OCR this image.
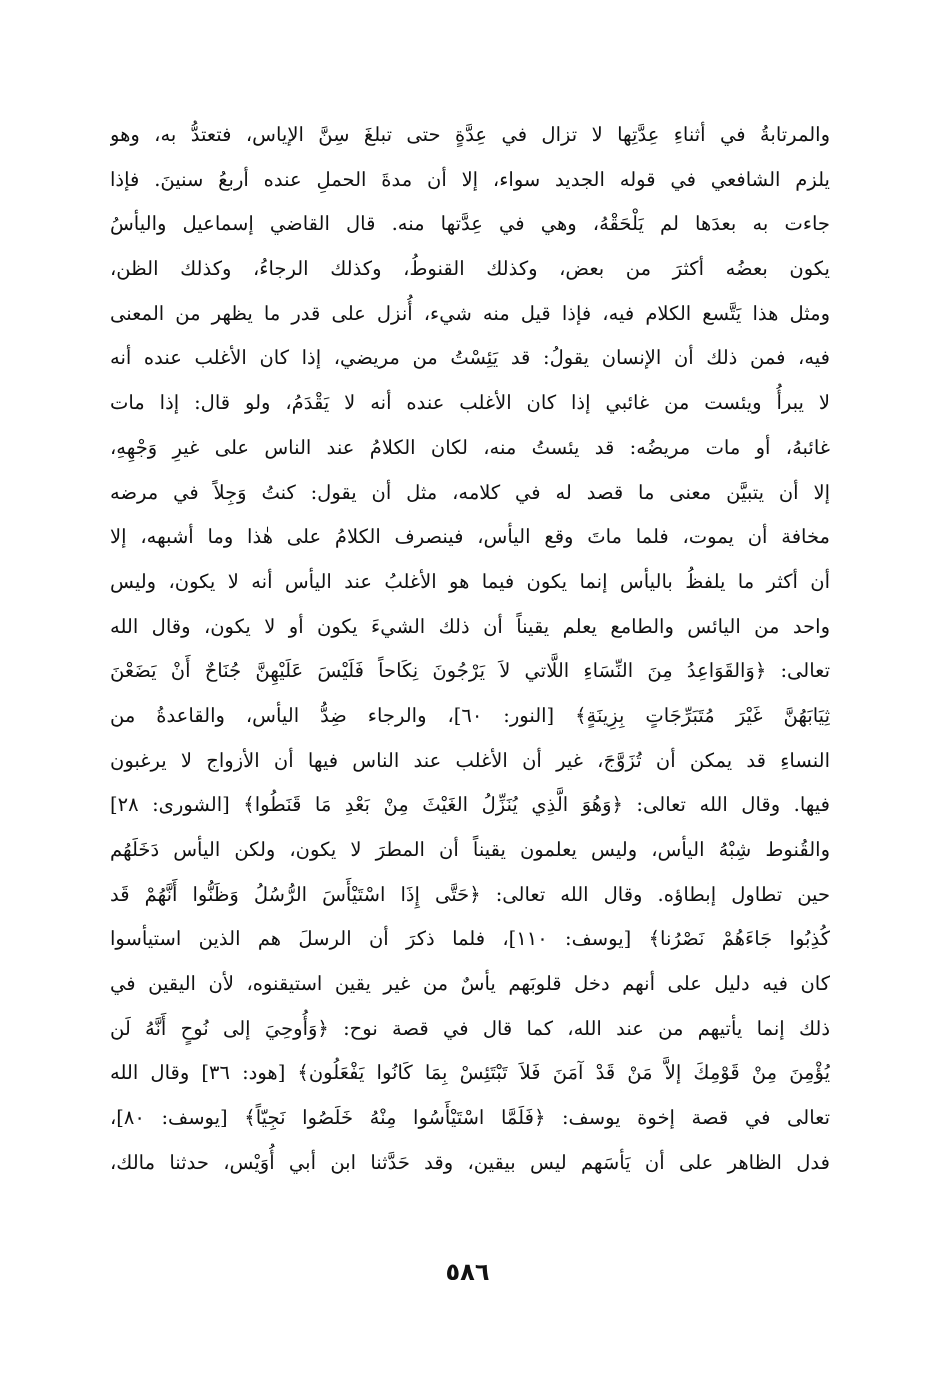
والمرتابةُ في أثناءِ عِدَّتِها لا تزال في عِدَّةٍ حتى تبلغَ سِنَّ الإياس، فتعتدُّ به، وهو
يلزم الشافعي في قوله الجديد سواء، إلا أن مدةَ الحملِ عنده أربعُ سنينَ. فإذا
جاءت به بعدَها لم يَلْحَقْهُ، وهي في عِدَّتها منه. قال القاضي إسماعيل واليأسُ
يكون بعضُه أكثرَ من بعض، وكذلك القنوطُ، وكذلك الرجاءُ، وكذلك الظن،
ومثل هذا يَتَّسع الكلام فيه، فإذا قيل منه شيء، أُنزل على قدر ما يظهر من المعنى
فيه، فمن ذلك أن الإنسان يقولُ: قد يَئِسْتُ من مريضي، إذا كان الأغلب عنده أنه
لا يبرأُ ويئست من غائبي إذا كان الأغلب عنده أنه لا يَقْدَمُ، ولو قال: إذا مات
غائبهُ، أو مات مريضُه: قد يئستُ منه، لكان الكلامُ عند الناس على غيرِ وَجْهِهِ،
إلا أن يتبيَّن معنى ما قصد له في كلامه، مثل أن يقول: كنتُ وَجِلاً في مرضه
مخافة أن يموت، فلما ماتَ وقع اليأس، فينصرف الكلامُ على هٰذا وما أشبهه، إلا
أن أكثر ما يلفظُ باليأس إنما يكون فيما هو الأغلبُ عند اليأس أنه لا يكون، وليس
واحد من اليائس والطامع يعلم يقيناً أن ذلك الشيءَ يكون أو لا يكون، وقال الله
تعالى: ﴿وَالقَوَاعِدُ مِنَ النِّسَاءِ اللَّاتي لاَ يَرْجُونَ نِكَاحاً فَلَيْسَ عَلَيْهِنَّ جُنَاحٌ أَنْ يَضَعْنَ
ثِيَابَهُنَّ غَيْرَ مُتَبَرِّجَاتٍ بِزِينَةٍ﴾ [النور: ٦٠]، والرجاء ضِدُّ اليأس، والقاعدةُ من
النساءِ قد يمكن أن تُزَوَّجَ، غير أن الأغلب عند الناس فيها أن الأزواج لا يرغبون
فيها. وقال الله تعالى: ﴿وَهُوَ الَّذِي يُنَزِّلُ الغَيْثَ مِنْ بَعْدِ مَا قَنَطُوا﴾ [الشورى: ٢٨]
والقُنوط شِبْهُ اليأس، وليس يعلمون يقيناً أن المطرَ لا يكون، ولكن اليأس دَخَلَهُم
حين تطاول إبطاؤه. وقال الله تعالى: ﴿حَتَّى إِذَا اسْتَيْأَسَ الرُّسُلُ وَظَنُّوا أَنَّهُمْ قَد
كُذِبُوا جَاءَهُمْ نَصْرُنا﴾ [يوسف: ١١٠]، فلما ذكرَ أن الرسلَ هم الذين استيأسوا
كان فيه دليل على أنهم دخل قلوبَهم يأسٌ من غير يقين استيقنوه، لأن اليقين في
ذلك إنما يأتيهم من عند الله، كما قال في قصة نوح: ﴿وَأُوحِيَ إلى نُوحٍ أَنَّهُ لَن
يُؤْمِنَ مِنْ قَوْمِكَ إلاَّ مَنْ قَدْ آمَنَ فَلاَ تَبْتَئِسْ بِمَا كَانُوا يَفْعَلُون﴾ [هود: ٣٦] وقال الله
تعالى في قصة إخوة يوسف: ﴿فَلَمَّا اسْتَيْأَسُوا مِنْهُ خَلَصُوا نَجِيّاً﴾ [يوسف: ٨٠]،
فدل الظاهر على أن يَأسَهم ليس بيقين، وقد حَدَّثنا ابن أبي أُوَيْس، حدثنا مالك،
٥٨٦
